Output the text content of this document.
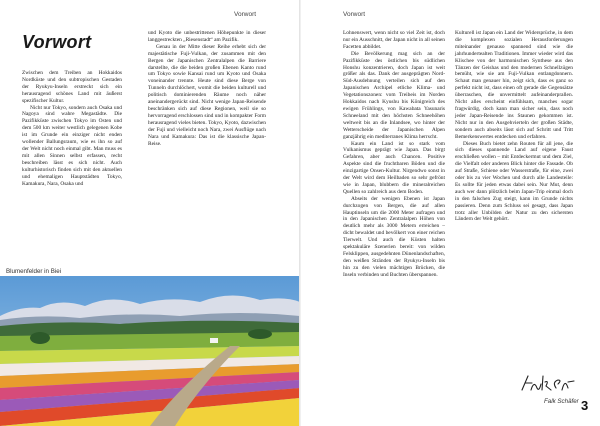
Vorwort
Vorwort

Zwischen dem Treiben an Hokkaidos Nordküste und den subtropischen Gestaden der Ryukyu-Inseln erstreckt sich ein herausragend schönes Land mit äußerst spezifischer Kultur.

Nicht nur Tokyo, sondern auch Osaka und Nagoya sind wahre Megastädte. Die Pazifikküste zwischen Tokyo im Osten und dem 500 km weiter westlich gelegenen Kobe ist im Grunde ein einziger nicht enden wollender Ballungsraum, wie es ihn so auf der Welt nicht noch einmal gibt. Man muss es mit allen Sinnen selbst erfassen, recht beschreiben lässt es sich nicht. Auch kulturhistorisch finden sich mit den aktuellen und ehemaligen Hauptstädten Tokyo, Kamakura, Nara, Osaka und

und Kyoto die unbestrittenen Höhepunkte in dieser langgestreckten „Riesenstadt“ am Pazifik.

Genau in der Mitte dieser Reihe erhebt sich der majestätische Fuji-Vulkan, der zusammen mit den Bergen der Japanischen Zentralalpen die Barriere darstellte, die die beiden großen Ebenen Kanto rund um Tokyo sowie Kansai rund um Kyoto und Osaka voneinander trennte. Heute sind diese Berge von Tunneln durchlöchert, womit die beiden kulturell und politisch dominierenden Räume noch näher aneinandergerückt sind. Nicht wenige Japan-Reisende beschränken sich auf diese Regionen, weil sie so hervorragend erschlossen sind und in kompakter Form herausragend vieles bieten. Tokyo, Kyoto, dazwischen der Fuji und vielleicht noch Nara, zwei Ausflüge nach Nara und Kamakura: Das ist die klassische Japan-Reise.

Blumenfelder in Biei
Vorwort

Lohnenswert, wenn nicht so viel Zeit ist, doch nur ein Ausschnitt, der Japan nicht in all seinen Facetten abbildet.

Die Bevölkerung mag sich an der Pazifikküste des östlichen bis südlichen Honshu konzentrieren, doch Japan ist weit größer als das. Dank der ausgeprägten Nord-Süd-Ausdehnung verteilen sich auf den Japanischen Archipel etliche Klima- und Vegetationszonen: vom Treibeis im Norden Hokkaidos nach Kyushu bis Königreich des ewigen Frühlings, von Kawabata Yasunaris Schneeland mit den höchsten Schneehöhen weltweit bis an die Inlandsee, wo hinter der Wetterscheide der Japanischen Alpen ganzjährig ein mediterranes Klima herrscht.

Kaum ein Land ist so stark vom Vulkanismus geprägt wie Japan. Das birgt Gefahren, aber auch Chancen. Positive Aspekte sind die fruchtbaren Böden und die einzigartige Onsen-Kultur. Nirgendwo sonst in der Welt wird dem Heilbaden so sehr gefrönt wie in Japan, blubbern die mineralreichen Quellen so zahlreich aus dem Boden.

Abseits der wenigen Ebenen ist Japan durchzogen von Bergen, die auf allen Hauptinseln um die 2000 Meter aufragen und in den Japanischen Zentralalpen Höhen von deutlich mehr als 3000 Metern erreichen – dicht bewaldet und bevölkert von einer reichen Tierwelt. Und auch die Küsten halten spektakuläre Szenerien bereit: von wilden Felsklippen, ausgedehnten Dünenlandschaften, den weißen Stränden der Ryukyu-Inseln bis hin zu den vielen mächtigen Brücken, die Inseln verbinden und Buchten überspannen.

Kulturell ist Japan ein Land der Widersprüche, in dem die komplexen sozialen Herausforderungen miteinander genauso spannend sind wie die jahrhundertealten Traditionen. Immer wieder wird das Klischee von der harmonischen Synthese aus den Tänzen der Geishas und den modernen Schnellzügen bemüht, wie sie am Fuji-Vulkan entlangdonnern. Schaut man genauer hin, zeigt sich, dass es ganz so perfekt nicht ist, dass einen oft gerade die Gegensätze überraschen, die unvermittelt aufeinanderprallen. Nicht alles erscheint einfühlsam, manches sogar fragwürdig, doch kann man sicher sein, dass noch jeder Japan-Reisende ins Staunen gekommen ist. Nicht nur in den Ausgehvierteln der großen Städte, sondern auch abseits lässt sich auf Schritt und Tritt Bemerkenswertes entdecken und erfahren.

Dieses Buch bietet zehn Routen für all jene, die sich dieses spannende Land auf eigene Faust erschließen wollen – mit Entdeckermut und dem Ziel, die Vielfalt oder anderen Blick hinter die Fassade. Ob auf Straße, Schiene oder Wasserstraße, für eine, zwei oder bis zu vier Wochen und durch alle Landesteile: Es sollte für jeden etwas dabei sein. Nur Mut, denn auch wer dann plötzlich beim Japan-Trip einmal doch in den falschen Zug steigt, kann im Grunde nichts passieren. Denn zum Schluss sei gesagt, dass Japan trotz aller Unbilden der Natur zu den sichersten Ländern der Welt gehört.

Falk Schäfer 3
